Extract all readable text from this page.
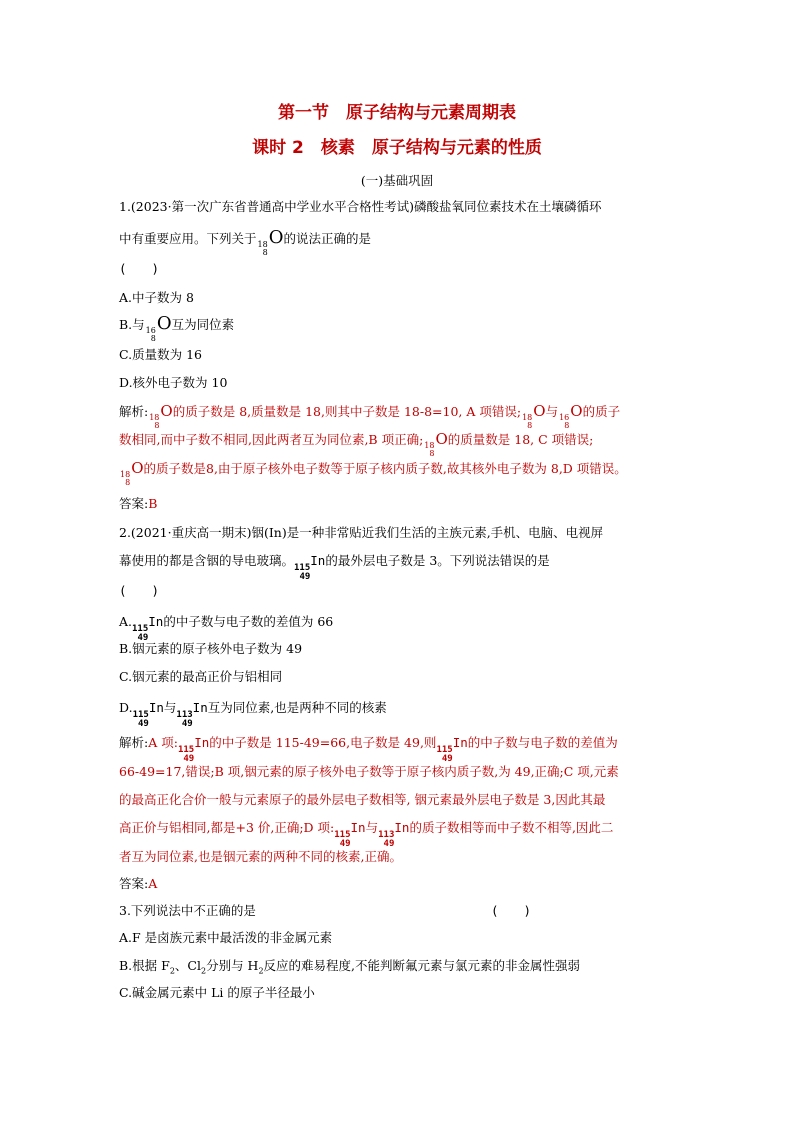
第一节　原子结构与元素周期表
课时 2　核素　原子结构与元素的性质
(一)基础巩固
1.(2023·第一次广东省普通高中学业水平合格性考试)磷酸盐氧同位素技术在土壤磷循环
中有重要应用。下列关于 18
8
O的说法正确的是
(　　)
A.中子数为 8
B.与 16
8
O互为同位素
C.质量数为 16
D.核外电子数为 10
解析: 18
8
O的质子数是 8,质量数是 18,则其中子数是 18-8=10, A 项错误; 18
8
O与 16
8
O的质子
数相同,而中子数不相同,因此两者互为同位素,B 项正确; 18
8
O的质量数是 18, C 项错误;
18
8
O的质子数是8,由于原子核外电子数等于原子核内质子数,故其核外电子数为 8,D 项错误。
答案:B
2.(2021·重庆高一期末)铟(In)是一种非常贴近我们生活的主族元素,手机、电脑、电视屏
幕使用的都是含铟的导电玻璃。 115
49
In的最外层电子数是 3。下列说法错误的是
(　　)
A. 115
49
In的中子数与电子数的差值为 66
B.铟元素的原子核外电子数为 49
C.铟元素的最高正价与铝相同
D. 115
49
In与 113
49
In互为同位素,也是两种不同的核素
解析:A 项: 115
49
In的中子数是 115-49=66,电子数是 49,则 115
49
In的中子数与电子数的差值为
66-49=17,错误;B 项,铟元素的原子核外电子数等于原子核内质子数,为 49,正确;C 项,元素
的最高正化合价一般与元素原子的最外层电子数相等, 铟元素最外层电子数是 3,因此其最
高正价与铝相同,都是+3 价,正确;D 项: 115
49
In与 113
49
In的质子数相等而中子数不相等,因此二
者互为同位素,也是铟元素的两种不同的核素,正确。
答案:A
3.下列说法中不正确的是	(　　)
A.F 是卤族元素中最活泼的非金属元素
B.根据 $F_2$、$Cl_2$分别与 $H_2$反应的难易程度,不能判断氟元素与氯元素的非金属性强弱
C.碱金属元素中 Li 的原子半径最小
